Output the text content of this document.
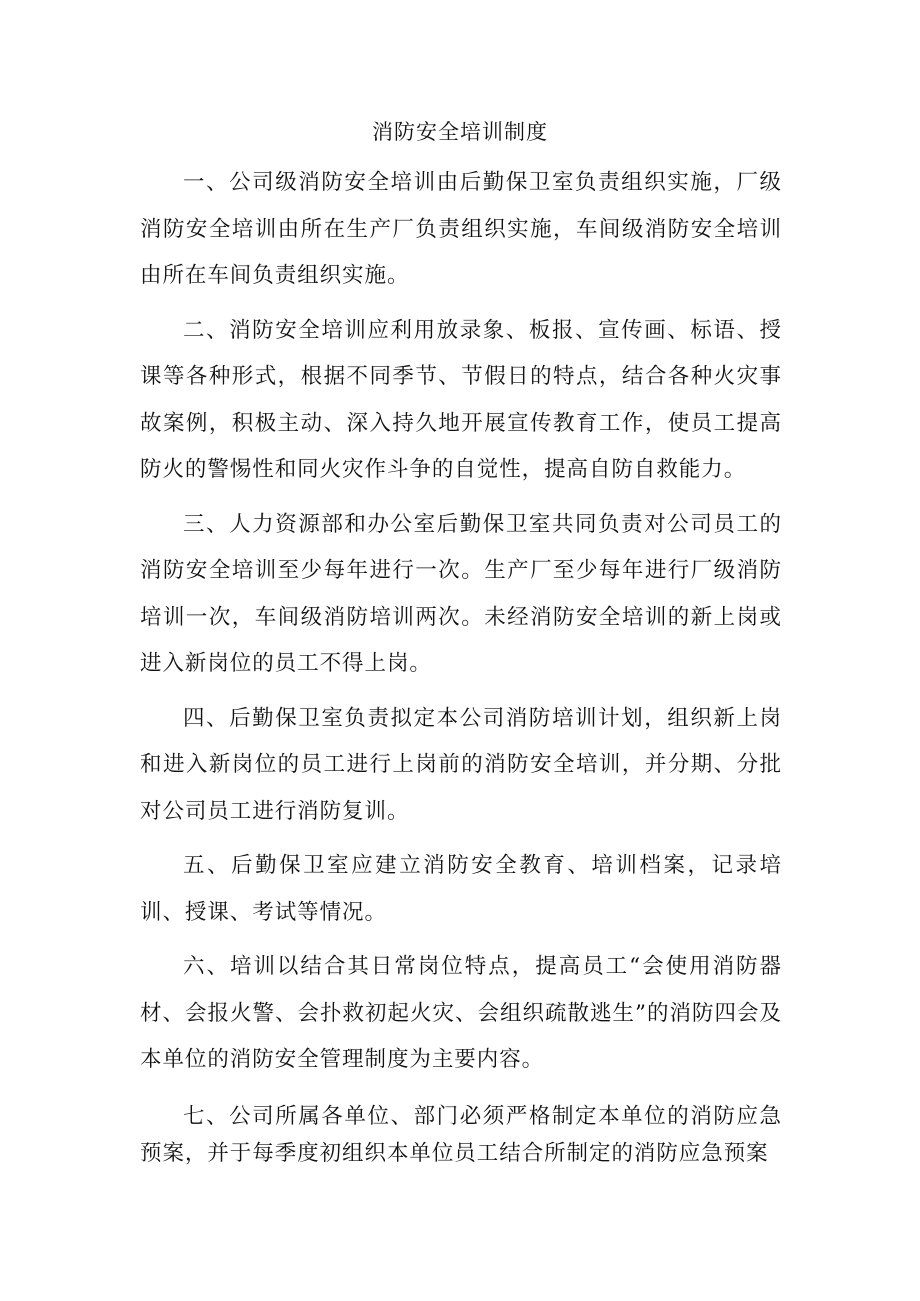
消防安全培训制度

一、公司级消防安全培训由后勤保卫室负责组织实施，厂级消防安全培训由所在生产厂负责组织实施，车间级消防安全培训由所在车间负责组织实施。

二、消防安全培训应利用放录象、板报、宣传画、标语、授课等各种形式，根据不同季节、节假日的特点，结合各种火灾事故案例，积极主动、深入持久地开展宣传教育工作，使员工提高防火的警惕性和同火灾作斗争的自觉性，提高自防自救能力。

三、人力资源部和办公室后勤保卫室共同负责对公司员工的消防安全培训至少每年进行一次。生产厂至少每年进行厂级消防培训一次，车间级消防培训两次。未经消防安全培训的新上岗或进入新岗位的员工不得上岗。

四、后勤保卫室负责拟定本公司消防培训计划，组织新上岗和进入新岗位的员工进行上岗前的消防安全培训，并分期、分批对公司员工进行消防复训。

五、后勤保卫室应建立消防安全教育、培训档案，记录培训、授课、考试等情况。

六、培训以结合其日常岗位特点，提高员工“会使用消防器材、会报火警、会扑救初起火灾、会组织疏散逃生”的消防四会及本单位的消防安全管理制度为主要内容。

七、公司所属各单位、部门必须严格制定本单位的消防应急预案，并于每季度初组织本单位员工结合所制定的消防应急预案
